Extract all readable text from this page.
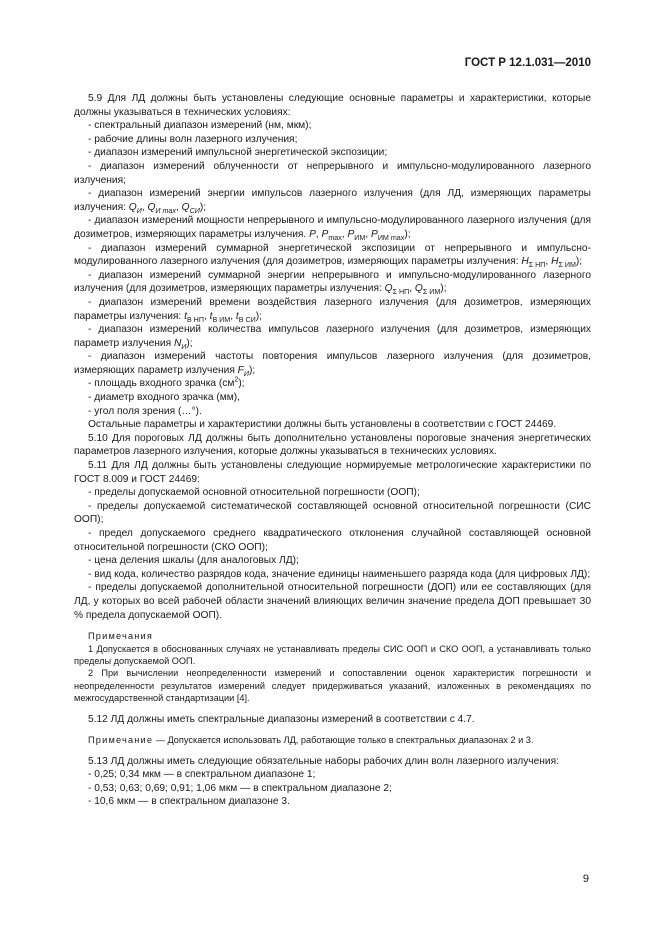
ГОСТ Р 12.1.031—2010

5.9 Для ЛД должны быть установлены следующие основные параметры и характеристики, которые должны указываться в технических условиях:

- спектральный диапазон измерений (нм, мкм);

- рабочие длины волн лазерного излучения;

- диапазон измерений импульсной энергетической экспозиции;

- диапазон измерений облученности от непрерывного и импульсно-модулированного лазерного излучения;

- диапазон измерений энергии импульсов лазерного излучения (для ЛД, измеряющих параметры излучения: $Q_И$, $Q_{И max}$, $Q_{СИ}$);

- диапазон измерений мощности непрерывного и импульсно-модулированного лазерного излучения (для дозиметров, измеряющих параметры излучения. P, $P_{max}$, $P_{ИМ}$, $P_{ИМ max}$);

- диапазон измерений суммарной энергетической экспозиции от непрерывного и импульсно-модулированного лазерного излучения (для дозиметров, измеряющих параметры излучения: $H_{\Sigma НП}$, $H_{\Sigma ИМ}$);

- диапазон измерений суммарной энергии непрерывного и импульсно-модулированного лазерного излучения (для дозиметров, измеряющих параметры излучения: $Q_{\Sigma НП}$, $Q_{\Sigma ИМ}$);

- диапазон измерений времени воздействия лазерного излучения (для дозиметров, измеряющих параметры излучения: $t_{В НП}$, $t_{В ИМ}$, $t_{В СИ}$);

- диапазон измерений количества импульсов лазерного излучения (для дозиметров, измеряющих параметр излучения $N_И$);

- диапазон измерений частоты повторения импульсов лазерного излучения (для дозиметров, измеряющих параметр излучения $F_И$);

- площадь входного зрачка $(см^2)$;

- диаметр входного зрачка (мм),

- угол поля зрения (…°).

Остальные параметры и характеристики должны быть установлены в соответствии с ГОСТ 24469.

5.10 Для пороговых ЛД должны быть дополнительно установлены пороговые значения энергетических параметров лазерного излучения, которые должны указываться в технических условиях.

5.11 Для ЛД должны быть установлены следующие нормируемые метрологические характеристики по ГОСТ 8.009 и ГОСТ 24469:

- пределы допускаемой основной относительной погрешности (ООП);

- пределы допускаемой систематической составляющей основной относительной погрешности (СИС ООП);

- предел допускаемого среднего квадратического отклонения случайной составляющей основной относительной погрешности (СКО ООП);

- цена деления шкалы (для аналоговых ЛД);

- вид кода, количество разрядов кода, значение единицы наименьшего разряда кода (для цифровых ЛД);

- пределы допускаемой дополнительной относительной погрешности (ДОП) или ее составляющих (для ЛД, у которых во всей рабочей области значений влияющих величин значение предела ДОП превышает 30 % предела допускаемой ООП).

Примечания

1 Допускается в обоснованных случаях не устанавливать пределы СИС ООП и СКО ООП, а устанавливать только пределы допускаемой ООП.

2 При вычислении неопределенности измерений и сопоставлении оценок характеристик погрешности и неопределенности результатов измерений следует придерживаться указаний, изложенных в рекомендациях по межгосударственной стандартизации [4].

5.12 ЛД должны иметь спектральные диапазоны измерений в соответствии с 4.7.

Примечание — Допускается использовать ЛД, работающие только в спектральных диапазонах 2 и 3.

5.13 ЛД должны иметь следующие обязательные наборы рабочих длин волн лазерного излучения:

- 0,25; 0,34 мкм — в спектральном диапазоне 1;

- 0,53; 0,63; 0,69; 0,91; 1,06 мкм — в спектральном диапазоне 2;

- 10,6 мкм — в спектральном диапазоне 3.

9
